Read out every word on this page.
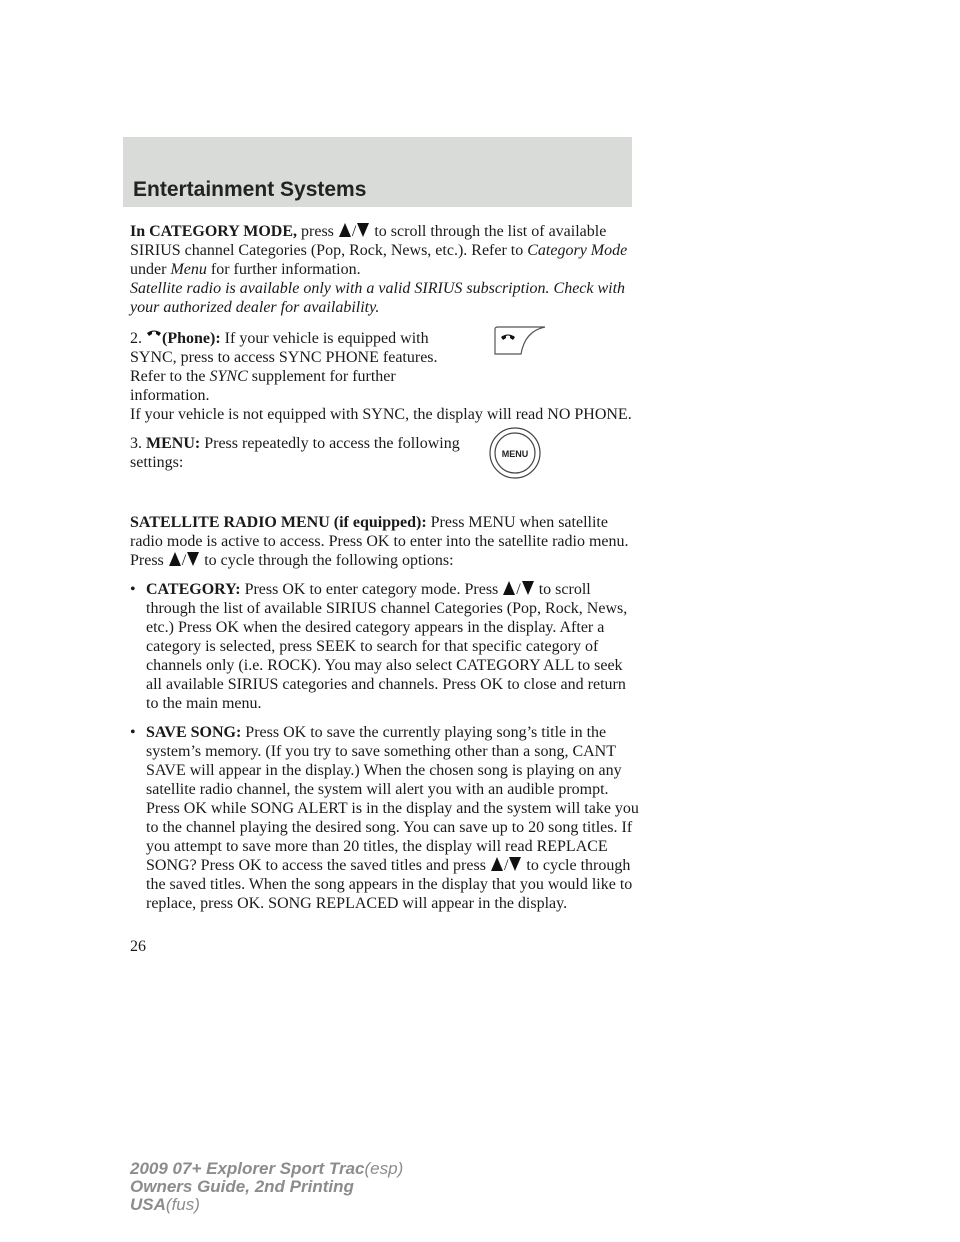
Entertainment Systems

In CATEGORY MODE, press
/
to scroll through the list of available SIRIUS channel Categories (Pop, Rock, News, etc.). Refer to Category Mode under Menu for further information.

Satellite radio is available only with a valid SIRIUS subscription. Check with your authorized dealer for availability.

2. (Phone): If your vehicle is equipped with SYNC, press to access SYNC PHONE features. Refer to the SYNC supplement for further information.

If your vehicle is not equipped with SYNC, the display will read NO PHONE.

3. MENU: Press repeatedly to access the following settings:

SATELLITE RADIO MENU (if equipped): Press MENU when satellite radio mode is active to access. Press OK to enter into the satellite radio menu. Press
/
to cycle through the following options:

• CATEGORY: Press OK to enter category mode. Press
/
to scroll through the list of available SIRIUS channel Categories (Pop, Rock, News, etc.) Press OK when the desired category appears in the display. After a category is selected, press SEEK to search for that specific category of channels only (i.e. ROCK). You may also select CATEGORY ALL to seek all available SIRIUS categories and channels. Press OK to close and return to the main menu.

• SAVE SONG: Press OK to save the currently playing song’s title in the system’s memory. (If you try to save something other than a song, CANT SAVE will appear in the display.) When the chosen song is playing on any satellite radio channel, the system will alert you with an audible prompt. Press OK while SONG ALERT is in the display and the system will take you to the channel playing the desired song. You can save up to 20 song titles. If you attempt to save more than 20 titles, the display will read REPLACE SONG? Press OK to access the saved titles and press
/
to cycle through the saved titles. When the song appears in the display that you would like to replace, press OK. SONG REPLACED will appear in the display.

MENU
26
2009 07+ Explorer Sport Trac(esp)
Owners Guide, 2nd Printing
USA(fus)
